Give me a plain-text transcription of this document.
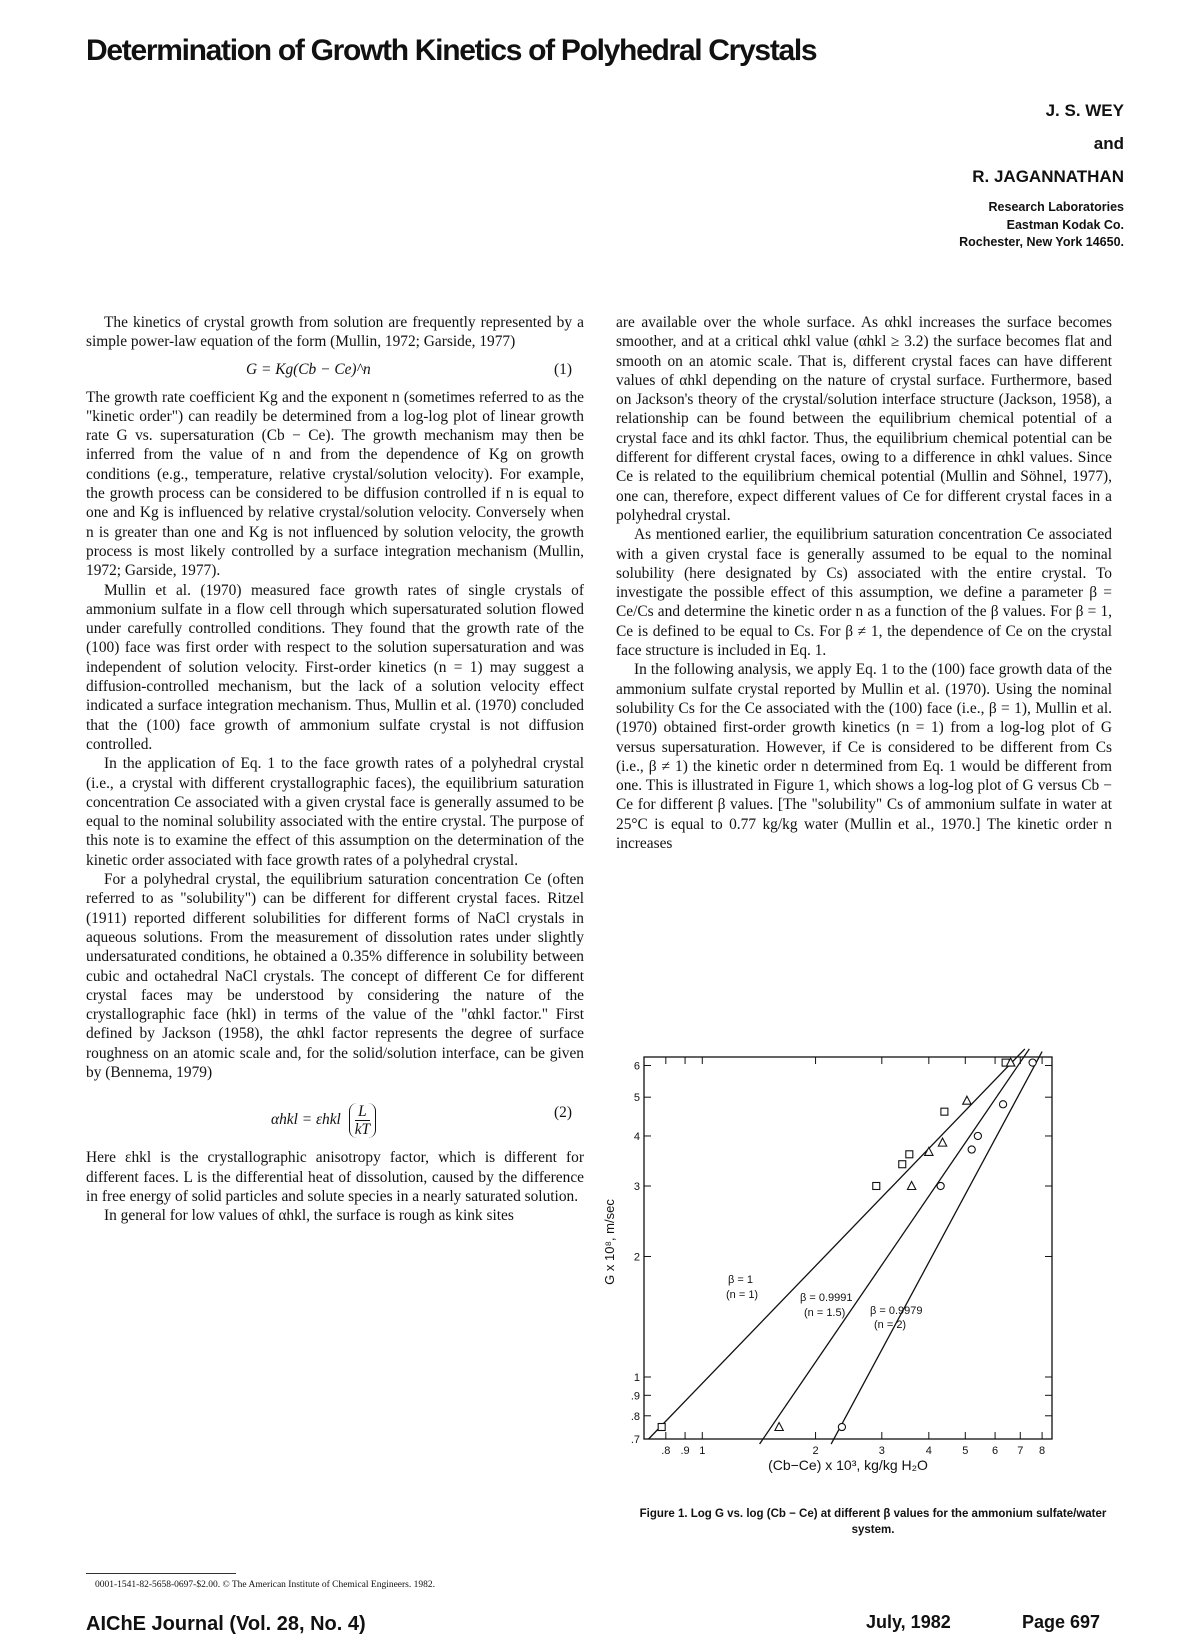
Determination of Growth Kinetics of Polyhedral Crystals
J. S. WEY
and
R. JAGANNATHAN
Research Laboratories
Eastman Kodak Co.
Rochester, New York 14650.

The kinetics of crystal growth from solution are frequently represented by a simple power-law equation of the form (Mullin, 1972; Garside, 1977)

G = Kg(Cb − Ce)^n	(1)

The growth rate coefficient Kg and the exponent n (sometimes referred to as the "kinetic order") can readily be determined from a log-log plot of linear growth rate G vs. supersaturation (Cb − Ce). The growth mechanism may then be inferred from the value of n and from the dependence of Kg on growth conditions (e.g., temperature, relative crystal/solution velocity). For example, the growth process can be considered to be diffusion controlled if n is equal to one and Kg is influenced by relative crystal/solution velocity. Conversely when n is greater than one and Kg is not influenced by solution velocity, the growth process is most likely controlled by a surface integration mechanism (Mullin, 1972; Garside, 1977).

Mullin et al. (1970) measured face growth rates of single crystals of ammonium sulfate in a flow cell through which supersaturated solution flowed under carefully controlled conditions. They found that the growth rate of the (100) face was first order with respect to the solution supersaturation and was independent of solution velocity. First-order kinetics (n = 1) may suggest a diffusion-controlled mechanism, but the lack of a solution velocity effect indicated a surface integration mechanism. Thus, Mullin et al. (1970) concluded that the (100) face growth of ammonium sulfate crystal is not diffusion controlled.

In the application of Eq. 1 to the face growth rates of a polyhedral crystal (i.e., a crystal with different crystallographic faces), the equilibrium saturation concentration Ce associated with a given crystal face is generally assumed to be equal to the nominal solubility associated with the entire crystal. The purpose of this note is to examine the effect of this assumption on the determination of the kinetic order associated with face growth rates of a polyhedral crystal.

For a polyhedral crystal, the equilibrium saturation concentration Ce (often referred to as "solubility") can be different for different crystal faces. Ritzel (1911) reported different solubilities for different forms of NaCl crystals in aqueous solutions. From the measurement of dissolution rates under slightly undersaturated conditions, he obtained a 0.35% difference in solubility between cubic and octahedral NaCl crystals. The concept of different Ce for different crystal faces may be understood by considering the nature of the crystallographic face (hkl) in terms of the value of the "αhkl factor." First defined by Jackson (1958), the αhkl factor represents the degree of surface roughness on an atomic scale and, for the solid/solution interface, can be given by (Bennema, 1979)

αhkl = εhkl $\frac{L}{kT}$	(2)

Here εhkl is the crystallographic anisotropy factor, which is different for different faces. L is the differential heat of dissolution, caused by the difference in free energy of solid particles and solute species in a nearly saturated solution.

In general for low values of αhkl, the surface is rough as kink sites

are available over the whole surface. As αhkl increases the surface becomes smoother, and at a critical αhkl value (αhkl ≥ 3.2) the surface becomes flat and smooth on an atomic scale. That is, different crystal faces can have different values of αhkl depending on the nature of crystal surface. Furthermore, based on Jackson's theory of the crystal/solution interface structure (Jackson, 1958), a relationship can be found between the equilibrium chemical potential of a crystal face and its αhkl factor. Thus, the equilibrium chemical potential can be different for different crystal faces, owing to a difference in αhkl values. Since Ce is related to the equilibrium chemical potential (Mullin and Söhnel, 1977), one can, therefore, expect different values of Ce for different crystal faces in a polyhedral crystal.

As mentioned earlier, the equilibrium saturation concentration Ce associated with a given crystal face is generally assumed to be equal to the nominal solubility (here designated by Cs) associated with the entire crystal. To investigate the possible effect of this assumption, we define a parameter β = Ce/Cs and determine the kinetic order n as a function of the β values. For β = 1, Ce is defined to be equal to Cs. For β ≠ 1, the dependence of Ce on the crystal face structure is included in Eq. 1.

In the following analysis, we apply Eq. 1 to the (100) face growth data of the ammonium sulfate crystal reported by Mullin et al. (1970). Using the nominal solubility Cs for the Ce associated with the (100) face (i.e., β = 1), Mullin et al. (1970) obtained first-order growth kinetics (n = 1) from a log-log plot of G versus supersaturation. However, if Ce is considered to be different from Cs (i.e., β ≠ 1) the kinetic order n determined from Eq. 1 would be different from one. This is illustrated in Figure 1, which shows a log-log plot of G versus Cb − Ce for different β values. [The "solubility" Cs of ammonium sulfate in water at 25°C is equal to 0.77 kg/kg water (Mullin et al., 1970.] The kinetic order n increases

.8 .9 1	2	3	4	5 6 7 8
.7
.8
.9
1
2
3
4
5
6
(Cb−Ce) x 10³, kg/kg H₂O
G x 10⁸, m/sec	β = 1
(n = 1)	β = 0.9991
(n = 1.5) β = 0.9979
(n = 2)
Figure 1. Log G vs. log (Cb − Ce) at different β values for the ammonium sulfate/water system.
0001-1541-82-5658-0697-$2.00. © The American Institute of Chemical Engineers. 1982.
AIChE Journal (Vol. 28, No. 4)	July, 1982	Page 697
